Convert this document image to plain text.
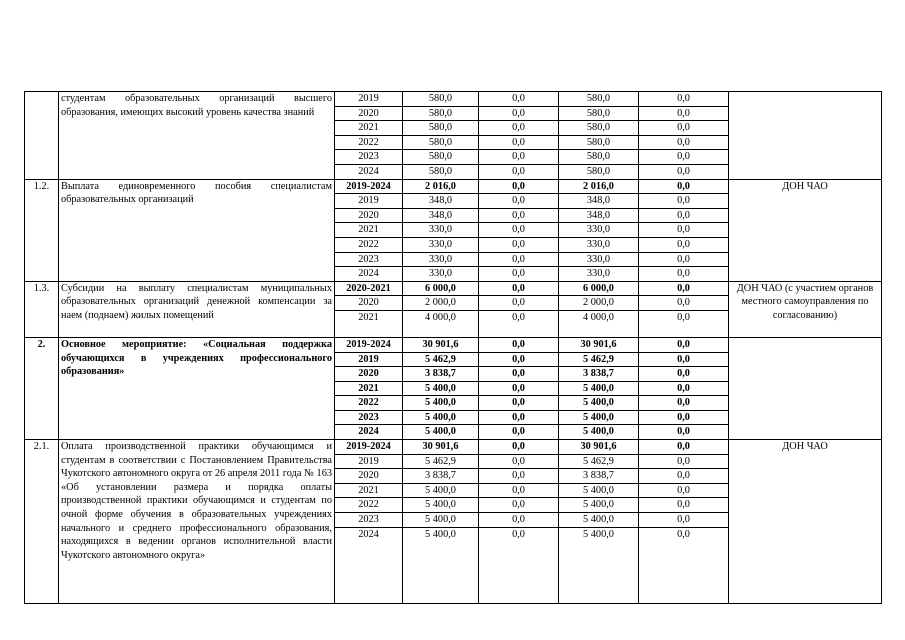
	студентам образовательных организаций высшего образования, имеющих высокий уровень качества знаний	2019	580,0	0,0	580,0	0,0	
		2020	580,0	0,0	580,0	0,0	
		2021	580,0	0,0	580,0	0,0	
		2022	580,0	0,0	580,0	0,0	
		2023	580,0	0,0	580,0	0,0	
		2024	580,0	0,0	580,0	0,0	
1.2.	Выплата единовременного пособия специалистам образовательных организаций	2019-2024	2 016,0	0,0	2 016,0	0,0	ДОН ЧАО
		2019	348,0	0,0	348,0	0,0	
		2020	348,0	0,0	348,0	0,0	
		2021	330,0	0,0	330,0	0,0	
		2022	330,0	0,0	330,0	0,0	
		2023	330,0	0,0	330,0	0,0	
		2024	330,0	0,0	330,0	0,0	
1.3.	Субсидии на выплату специалистам муниципальных образовательных организаций денежной компенсации за наем (поднаем) жилых помещений	2020-2021	6 000,0	0,0	6 000,0	0,0	ДОН ЧАО (с участием органов местного самоуправления по согласованию)
		2020	2 000,0	0,0	2 000,0	0,0	
		2021	4 000,0	0,0	4 000,0	0,0	
2.	Основное мероприятие: «Социальная поддержка обучающихся в учреждениях профессионального образования»	2019-2024	30 901,6	0,0	30 901,6	0,0	
		2019	5 462,9	0,0	5 462,9	0,0	
		2020	3 838,7	0,0	3 838,7	0,0	
		2021	5 400,0	0,0	5 400,0	0,0	
		2022	5 400,0	0,0	5 400,0	0,0	
		2023	5 400,0	0,0	5 400,0	0,0	
		2024	5 400,0	0,0	5 400,0	0,0	
2.1.	Оплата производственной практики обучающимся и студентам в соответствии с Постановлением Правительства Чукотского автономного округа от 26 апреля 2011 года № 163 «Об установлении размера и порядка оплаты производственной практики обучающимся и студентам по очной форме обучения в образовательных учреждениях начального и среднего профессионального образования, находящихся в ведении органов исполнительной власти Чукотского автономного округа»	2019-2024	30 901,6	0,0	30 901,6	0,0	ДОН ЧАО
		2019	5 462,9	0,0	5 462,9	0,0	
		2020	3 838,7	0,0	3 838,7	0,0	
		2021	5 400,0	0,0	5 400,0	0,0	
		2022	5 400,0	0,0	5 400,0	0,0	
		2023	5 400,0	0,0	5 400,0	0,0	
		2024	5 400,0	0,0	5 400,0	0,0	
